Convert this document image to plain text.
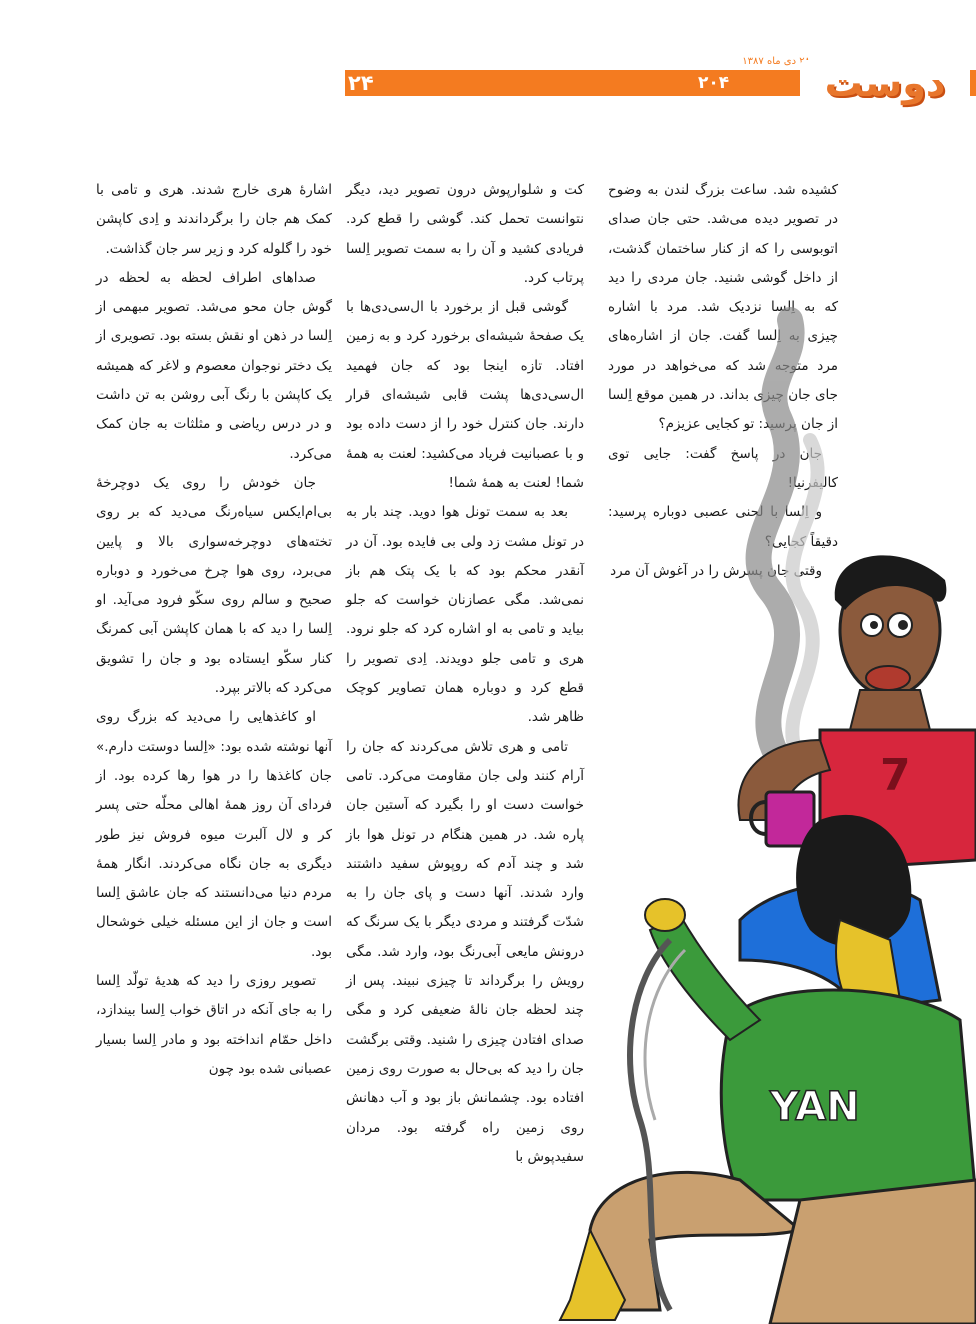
۲۴	۲۰۴
دی ماه ۱۳۸۷	دوست

کشیده شد. ساعت بزرگ لندن به وضوح در تصویر دیده می‌شد. حتی جان صدای اتوبوسی را که از کنار ساختمان گذشت، از داخل گوشی شنید. جان مردی را دید که به اِلسا نزدیک شد. مرد با اشاره چیزی به اِلسا گفت. جان از اشاره‌های مرد متوجه شد که می‌خواهد در مورد جای جان چیزی بداند. در همین موقع اِلسا از جان پرسید: تو کجایی عزیزم؟

جان در پاسخ گفت: جایی توی کالیفرنیا!

و اِلسا با لحنی عصبی دوباره پرسید: دقیقاً کجایی؟

وقتی جان پسرش را در آغوش آن مرد

کت و شلوارپوش درون تصویر دید، دیگر نتوانست تحمل کند. گوشی را قطع کرد. فریادی کشید و آن را به سمت تصویر اِلسا پرتاب کرد.

گوشی قبل از برخورد با ال‌سی‌دی‌ها با یک صفحهٔ شیشه‌ای برخورد کرد و به زمین افتاد. تازه اینجا بود که جان فهمید ال‌سی‌دی‌ها پشت قابی شیشه‌ای قرار دارند. جان کنترل خود را از دست داده بود و با عصبانیت فریاد می‌کشید: لعنت به همهٔ شما! لعنت به همهٔ شما!

بعد به سمت تونل هوا دوید. چند بار به در تونل مشت زد ولی بی فایده بود. آن در آنقدر محکم بود که با یک پتک هم باز نمی‌شد. مگی عصازنان خواست که جلو بیاید و تامی به او اشاره کرد که جلو نرود. هری و تامی جلو دویدند. اِدی تصویر را قطع کرد و دوباره همان تصاویر کوچک ظاهر شد.

تامی و هری تلاش می‌کردند که جان را آرام کنند ولی جان مقاومت می‌کرد. تامی خواست دست او را بگیرد که آستین جان پاره شد. در همین هنگام در تونل هوا باز شد و چند آدم که روپوش سفید داشتند وارد شدند. آنها دست و پای جان را به شدّت گرفتند و مردی دیگر با یک سرنگ که درونش مایعی آبی‌رنگ بود، وارد شد. مگی رویش را برگرداند تا چیزی نبیند. پس از چند لحظه جان نالهٔ ضعیفی کرد و مگی صدای افتادن چیزی را شنید. وقتی برگشت جان را دید که بی‌حال به صورت روی زمین افتاده بود. چشمانش باز بود و آب دهانش روی زمین راه گرفته بود. مردان سفیدپوش با

اشارهٔ هری خارج شدند. هری و تامی با کمک هم جان را برگرداندند و اِدی کاپشن خود را گلوله کرد و زیر سر جان گذاشت.

صداهای اطراف لحظه به لحظه در گوش جان محو می‌شد. تصویر مبهمی از اِلسا در ذهن او نقش بسته بود. تصویری از یک دختر نوجوان معصوم و لاغر که همیشه یک کاپشن با رنگ آبی روشن به تن داشت و در درس ریاضی و مثلثات به جان کمک می‌کرد.

جان خودش را روی یک دوچرخهٔ بی‌ام‌ایکس سیاه‌رنگ می‌دید که بر روی تخته‌های دوچرخه‌سواری بالا و پایین می‌برد، روی هوا چرخ می‌خورد و دوباره صحیح و سالم روی سکّو فرود می‌آید. او اِلسا را دید که با همان کاپشن آبی کمرنگ کنار سکّو ایستاده بود و جان را تشویق می‌کرد که بالاتر بپرد.

او کاغذهایی را می‌دید که بزرگ روی آنها نوشته شده بود: «اِلسا دوستت دارم.» جان کاغذها را در هوا رها کرده بود. از فردای آن روز همهٔ اهالی محلّه حتی پسر کر و لال آلبرت میوه فروش نیز طور دیگری به جان نگاه می‌کردند. انگار همهٔ مردم دنیا می‌دانستند که جان عاشق اِلسا است و جان از این مسئله خیلی خوشحال بود.

تصویر روزی را دید که هدیهٔ تولّد اِلسا را به جای آنکه در اتاق خواب اِلسا بیندازد، داخل حمّام انداخته بود و مادر اِلسا بسیار عصبانی شده بود چون

7
YAN
